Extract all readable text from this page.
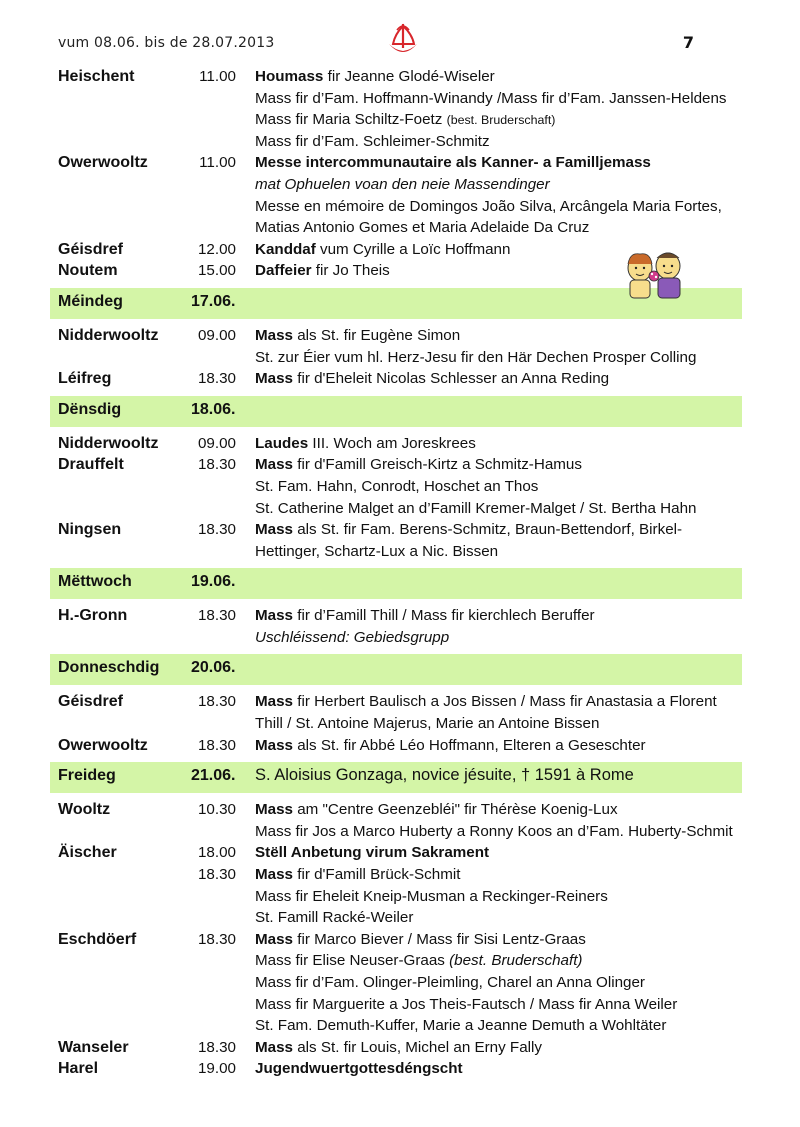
vum 08.06. bis de 28.07.2013	7
Heischent	11.00 Houmass fir Jeanne Glodé-Wiseler
Mass fir d’Fam. Hoffmann-Winandy /Mass fir d’Fam. Janssen-Heldens
Mass fir Maria Schiltz-Foetz (best. Bruderschaft)
Mass fir d’Fam. Schleimer-Schmitz
Owerwooltz	11.00 Messe intercommunautaire als Kanner- a Familljemass
mat Ophuelen voan den neie Massendinger
Messe en mémoire de Domingos João Silva, Arcângela Maria Fortes,
Matias Antonio Gomes et Maria Adelaide Da Cruz
Géisdref	12.00 Kanddaf vum Cyrille a Loïc Hoffmann
Noutem	15.00 Daffeier fir Jo Theis
Méindeg	17.06.
Nidderwooltz	09.00 Mass als St. fir Eugène Simon
St. zur Éier vum hl. Herz-Jesu fir den Här Dechen Prosper Colling
Léifreg	18.30 Mass fir d'Eheleit Nicolas Schlesser an Anna Reding
Dënsdig	18.06.
Nidderwooltz	09.00 Laudes III. Woch am Joreskrees
Drauffelt	18.30 Mass fir d'Famill Greisch-Kirtz a Schmitz-Hamus
St. Fam. Hahn, Conrodt, Hoschet an Thos
St. Catherine Malget an d’Famill Kremer-Malget / St. Bertha Hahn
Ningsen	18.30 Mass als St. fir Fam. Berens-Schmitz, Braun-Bettendorf, Birkel-
Hettinger, Schartz-Lux a Nic. Bissen
Mëttwoch	19.06.
H.-Gronn	18.30 Mass fir d’Famill Thill / Mass fir kierchlech Beruffer
Uschléissend: Gebiedsgrupp
Donneschdig 20.06.
Géisdref	18.30 Mass fir Herbert Baulisch a Jos Bissen / Mass fir Anastasia a Florent
Thill / St. Antoine Majerus, Marie an Antoine Bissen
Owerwooltz	18.30 Mass als St. fir Abbé Léo Hoffmann, Elteren a Geseschter
Freideg	21.06. S. Aloisius Gonzaga, novice jésuite, † 1591 à Rome
Wooltz	10.30 Mass am "Centre Geenzebléi" fir Thérèse Koenig-Lux
Mass fir Jos a Marco Huberty a Ronny Koos an d’Fam. Huberty-Schmit
Äischer	18.00 Stëll Anbetung virum Sakrament
18.30 Mass fir d'Famill Brück-Schmit
Mass fir Eheleit Kneip-Musman a Reckinger-Reiners
St. Famill Racké-Weiler
Eschdöerf	18.30 Mass fir Marco Biever / Mass fir Sisi Lentz-Graas
Mass fir Elise Neuser-Graas (best. Bruderschaft)
Mass fir d’Fam. Olinger-Pleimling, Charel an Anna Olinger
Mass fir Marguerite a Jos Theis-Fautsch / Mass fir Anna Weiler
St. Fam. Demuth-Kuffer, Marie a Jeanne Demuth a Wohltäter
Wanseler	18.30 Mass als St. fir Louis, Michel an Erny Fally
Harel	19.00 Jugendwuertgottesdéngscht
